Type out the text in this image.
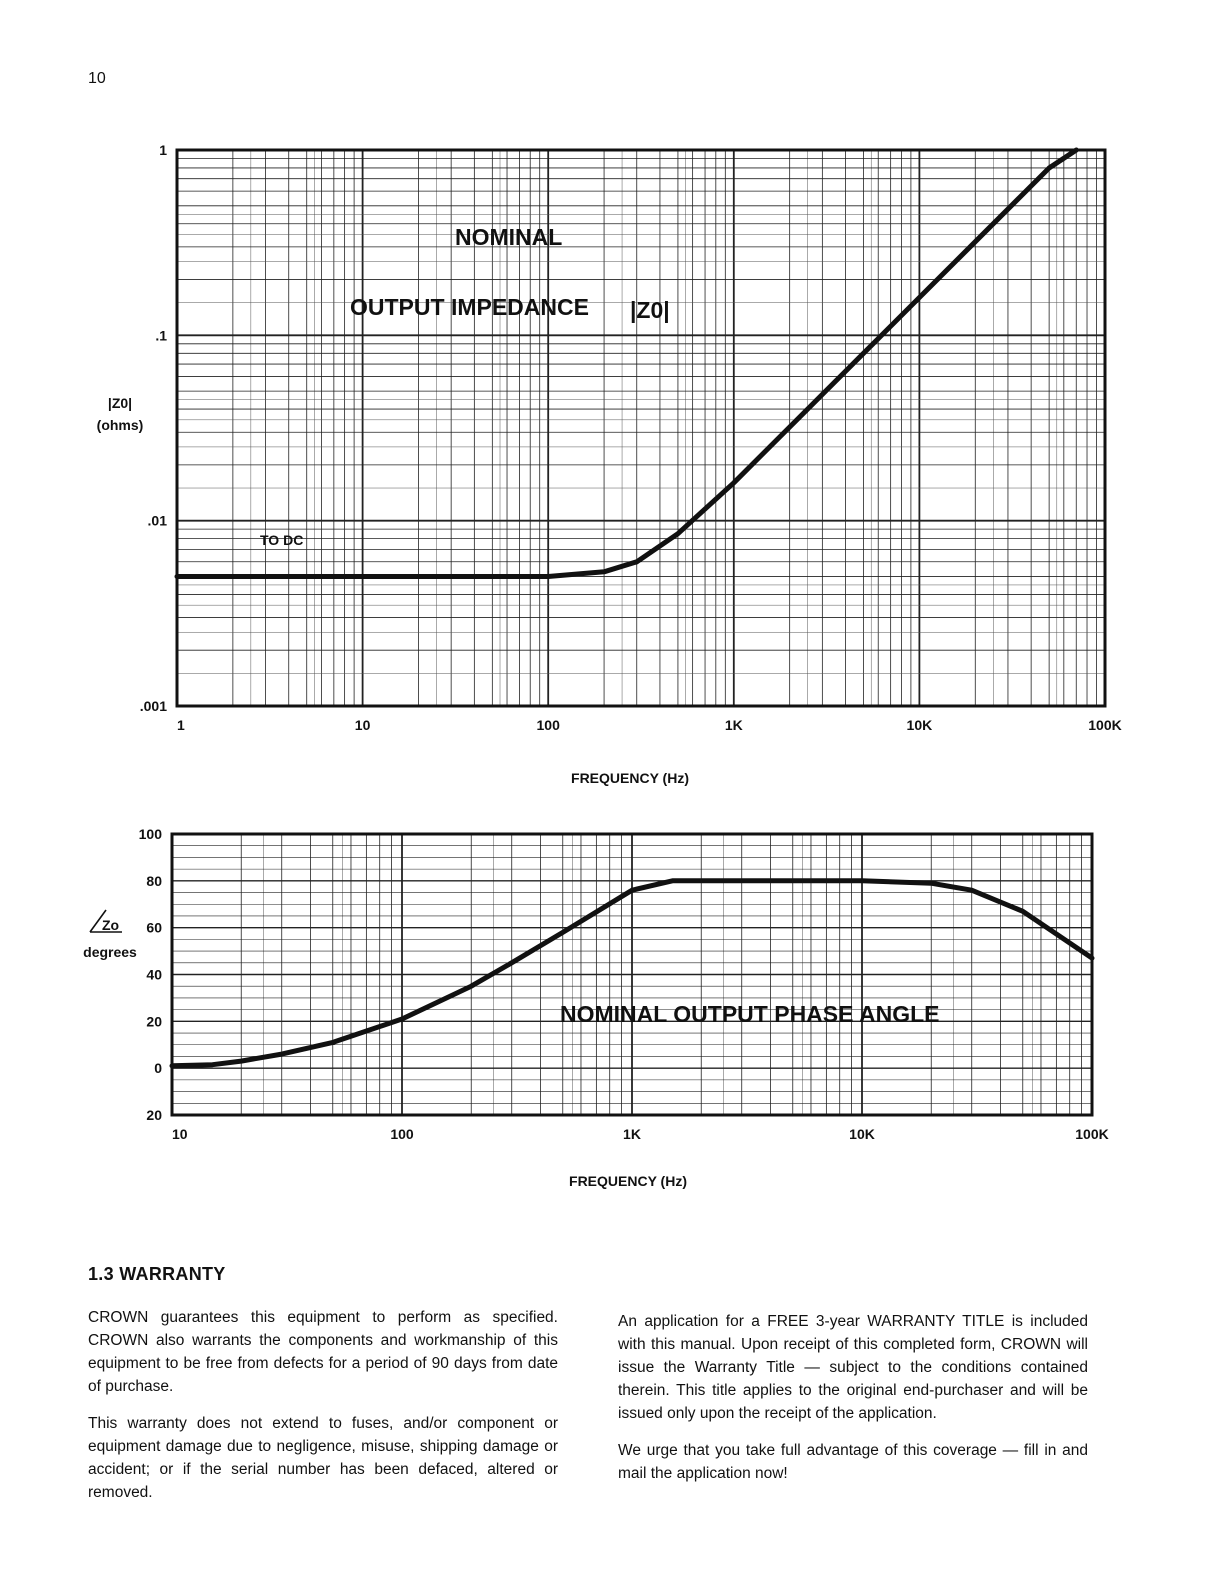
10
1	10	100	1K	10K	100K
1
.1
.01
.001
NOMINAL
OUTPUT IMPEDANCE |Z0|
TO DC
|Z0|
(ohms)
FREQUENCY (Hz)
10	100	1K	10K	100K
100
80
60
40
20
0
20
NOMINAL OUTPUT PHASE ANGLE
Zo
degrees
FREQUENCY (Hz)
1.3 WARRANTY

CROWN guarantees this equipment to perform as specified. CROWN also warrants the components and workmanship of this equipment to be free from defects for a period of 90 days from date of purchase.

This warranty does not extend to fuses, and/or component or equipment damage due to negligence, misuse, shipping damage or accident; or if the serial number has been defaced, altered or removed.

An application for a FREE 3-year WARRANTY TITLE is included with this manual. Upon receipt of this completed form, CROWN will issue the Warranty Title — subject to the conditions contained therein. This title applies to the original end-purchaser and will be issued only upon the receipt of the application.

We urge that you take full advantage of this coverage — fill in and mail the application now!
